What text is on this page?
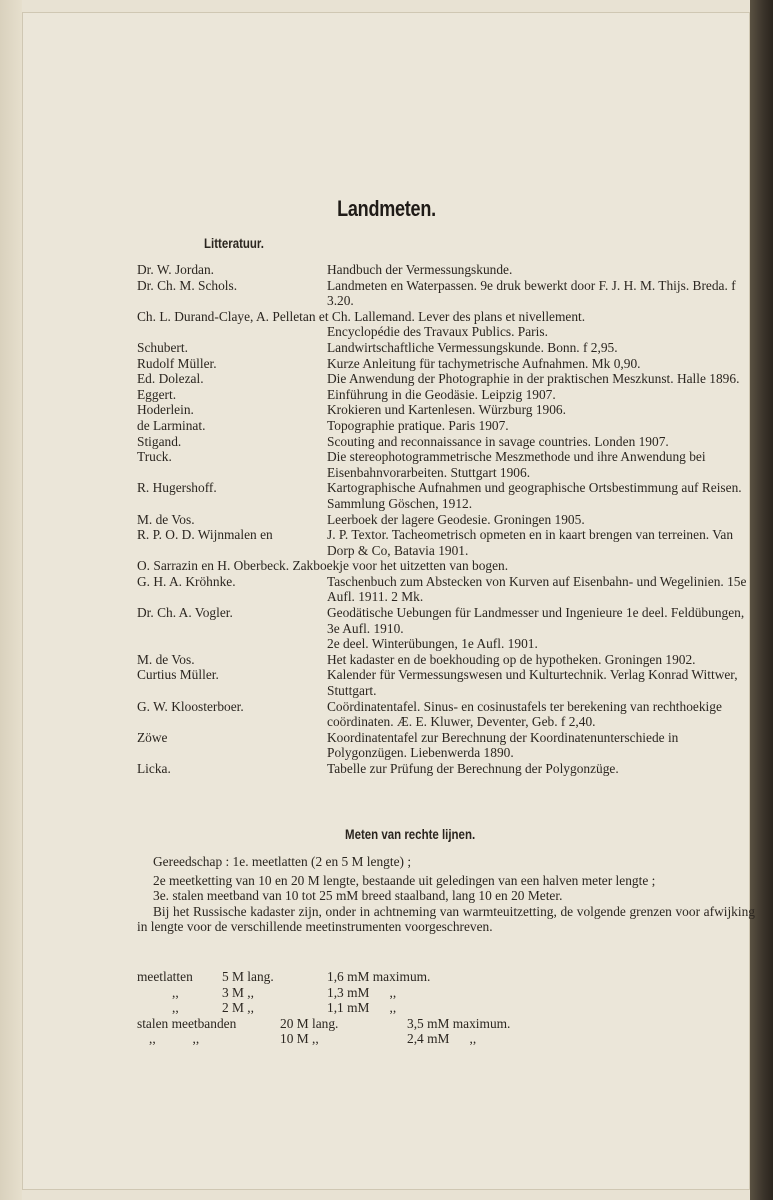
Landmeten.
Litteratuur.
Dr. W. Jordan.	Handbuch der Vermessungskunde.
Dr. Ch. M. Schols.	Landmeten en Waterpassen. 9e druk bewerkt door F. J. H. M. Thijs. Breda. f 3.20.
Ch. L. Durand-Claye, A. Pelletan et Ch. Lallemand. Lever des plans et nivellement.
Encyclopédie des Travaux Publics. Paris.
Schubert.	Landwirtschaftliche Vermessungskunde. Bonn. f 2,95.
Rudolf Müller.	Kurze Anleitung für tachymetrische Aufnahmen. Mk 0,90.
Ed. Dolezal.	Die Anwendung der Photographie in der praktischen Meszkunst. Halle 1896.
Eggert.	Einführung in die Geodäsie. Leipzig 1907.
Hoderlein.	Krokieren und Kartenlesen. Würzburg 1906.
de Larminat.	Topographie pratique. Paris 1907.
Stigand.	Scouting and reconnaissance in savage countries. Londen 1907.
Truck.	Die stereophotogrammetrische Meszmethode und ihre Anwendung bei Eisenbahnvorarbeiten. Stuttgart 1906.
R. Hugershoff.	Kartographische Aufnahmen und geographische Ortsbestimmung auf Reisen. Sammlung Göschen, 1912.
M. de Vos.	Leerboek der lagere Geodesie. Groningen 1905.
R. P. O. D. Wijnmalen en	J. P. Textor. Tacheometrisch opmeten en in kaart brengen van terreinen. Van Dorp & Co, Batavia 1901.
O. Sarrazin en H. Oberbeck. Zakboekje voor het uitzetten van bogen.
G. H. A. Kröhnke.	Taschenbuch zum Abstecken von Kurven auf Eisenbahn- und Wegelinien. 15e Aufl. 1911. 2 Mk.
Dr. Ch. A. Vogler.	Geodätische Uebungen für Landmesser und Ingenieure 1e deel. Feldübungen, 3e Aufl. 1910.
2e deel. Winterübungen, 1e Aufl. 1901.
M. de Vos.	Het kadaster en de boekhouding op de hypotheken. Groningen 1902.
Curtius Müller.	Kalender für Vermessungswesen und Kulturtechnik. Verlag Konrad Wittwer, Stuttgart.
G. W. Kloosterboer.	Coördinatentafel. Sinus- en cosinustafels ter berekening van rechthoekige coördinaten. Æ. E. Kluwer, Deventer, Geb. f 2,40.
Zöwe	Koordinatentafel zur Berechnung der Koordinatenunterschiede in Polygonzügen. Liebenwerda 1890.
Licka.	Tabelle zur Prüfung der Berechnung der Polygonzüge.
Meten van rechte lijnen.

Gereedschap : 1e. meetlatten (2 en 5 M lengte) ;

2e meetketting van 10 en 20 M lengte, bestaande uit geledingen van een halven meter lengte ;

3e. stalen meetband van 10 tot 25 mM breed staalband, lang 10 en 20 Meter.

Bij het Russische kadaster zijn, onder in achtneming van warmteuitzetting, de volgende grenzen voor afwijking in lengte voor de verschillende meetinstrumenten voorgeschreven.

meetlatten 5 M lang.	1,6 mM maximum.
,,	3 M ,,	1,3 mM      ,,
,,	2 M ,,	1,1 mM      ,,
stalen meetbanden	20 M lang.	3,5 mM maximum.
,,           ,,	10 M ,,	2,4 mM      ,,
